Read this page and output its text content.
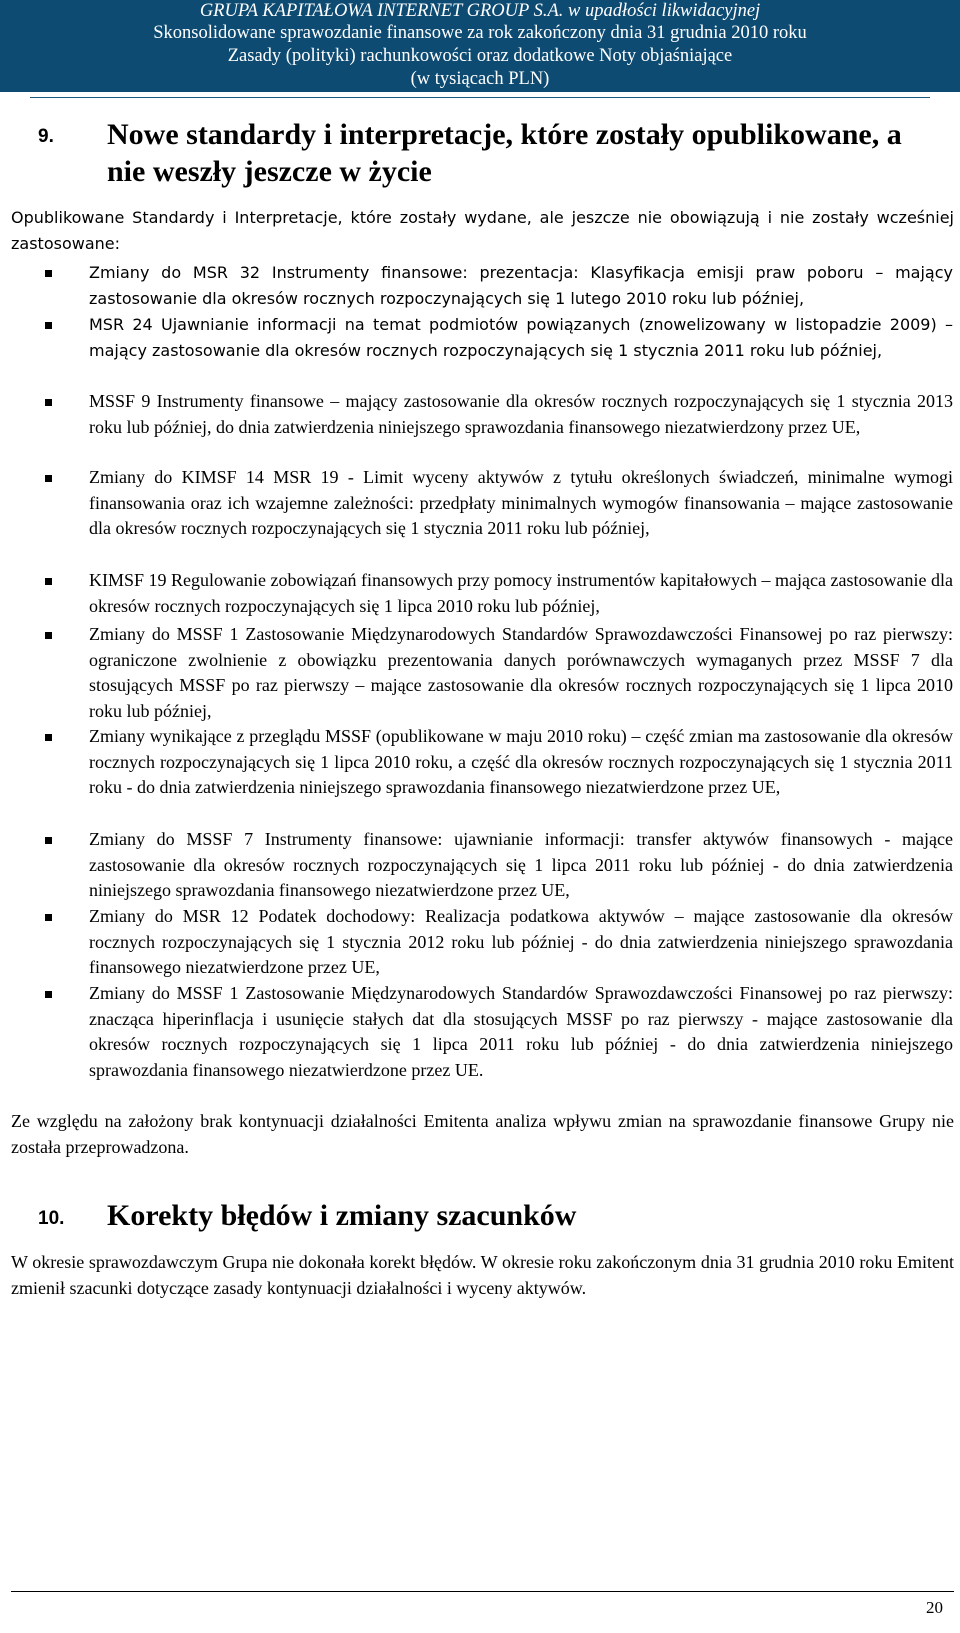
GRUPA KAPITAŁOWA INTERNET GROUP S.A. w upadłości likwidacyjnej
Skonsolidowane sprawozdanie finansowe za rok zakończony dnia 31 grudnia 2010 roku
Zasady (polityki) rachunkowości oraz dodatkowe Noty objaśniające
(w tysiącach PLN)
9. Nowe standardy i interpretacje, które zostały opublikowane, a
nie weszły jeszcze w życie
Opublikowane Standardy i Interpretacje, które zostały wydane, ale jeszcze nie obowiązują i nie zostały wcześniej zastosowane:
Zmiany do MSR 32 Instrumenty finansowe: prezentacja: Klasyfikacja emisji praw poboru – mający zastosowanie dla okresów rocznych rozpoczynających się 1 lutego 2010 roku lub później,
MSR 24 Ujawnianie informacji na temat podmiotów powiązanych (znowelizowany w listopadzie 2009) – mający zastosowanie dla okresów rocznych rozpoczynających się 1 stycznia 2011 roku lub później,
MSSF 9 Instrumenty finansowe – mający zastosowanie dla okresów rocznych rozpoczynających się 1 stycznia 2013 roku lub później, do dnia zatwierdzenia niniejszego sprawozdania finansowego niezatwierdzony przez UE,
Zmiany do KIMSF 14 MSR 19 - Limit wyceny aktywów z tytułu określonych świadczeń, minimalne wymogi finansowania oraz ich wzajemne zależności: przedpłaty minimalnych wymogów finansowania – mające zastosowanie dla okresów rocznych rozpoczynających się 1 stycznia 2011 roku lub później,
KIMSF 19 Regulowanie zobowiązań finansowych przy pomocy instrumentów kapitałowych – mająca zastosowanie dla okresów rocznych rozpoczynających się 1 lipca 2010 roku lub później,
Zmiany do MSSF 1 Zastosowanie Międzynarodowych Standardów Sprawozdawczości Finansowej po raz pierwszy: ograniczone zwolnienie z obowiązku prezentowania danych porównawczych wymaganych przez MSSF 7 dla stosujących MSSF po raz pierwszy – mające zastosowanie dla okresów rocznych rozpoczynających się 1 lipca 2010 roku lub później,
Zmiany wynikające z przeglądu MSSF (opublikowane w maju 2010 roku) – część zmian ma zastosowanie dla okresów rocznych rozpoczynających się 1 lipca 2010 roku, a część dla okresów rocznych rozpoczynających się 1 stycznia 2011 roku - do dnia zatwierdzenia niniejszego sprawozdania finansowego niezatwierdzone przez UE,
Zmiany do MSSF 7 Instrumenty finansowe: ujawnianie informacji: transfer aktywów finansowych - mające zastosowanie dla okresów rocznych rozpoczynających się 1 lipca 2011 roku lub później - do dnia zatwierdzenia niniejszego sprawozdania finansowego niezatwierdzone przez UE,
Zmiany do MSR 12 Podatek dochodowy: Realizacja podatkowa aktywów – mające zastosowanie dla okresów rocznych rozpoczynających się 1 stycznia 2012 roku lub później - do dnia zatwierdzenia niniejszego sprawozdania finansowego niezatwierdzone przez UE,
Zmiany do MSSF 1 Zastosowanie Międzynarodowych Standardów Sprawozdawczości Finansowej po raz pierwszy: znacząca hiperinflacja i usunięcie stałych dat dla stosujących MSSF po raz pierwszy - mające zastosowanie dla okresów rocznych rozpoczynających się 1 lipca 2011 roku lub później - do dnia zatwierdzenia niniejszego sprawozdania finansowego niezatwierdzone przez UE.
Ze względu na założony brak kontynuacji działalności Emitenta analiza wpływu zmian na sprawozdanie finansowe Grupy nie została przeprowadzona.
10. Korekty błędów i zmiany szacunków
W okresie sprawozdawczym Grupa nie dokonała korekt błędów. W okresie roku zakończonym dnia 31 grudnia 2010 roku Emitent zmienił szacunki dotyczące zasady kontynuacji działalności i wyceny aktywów.
20
